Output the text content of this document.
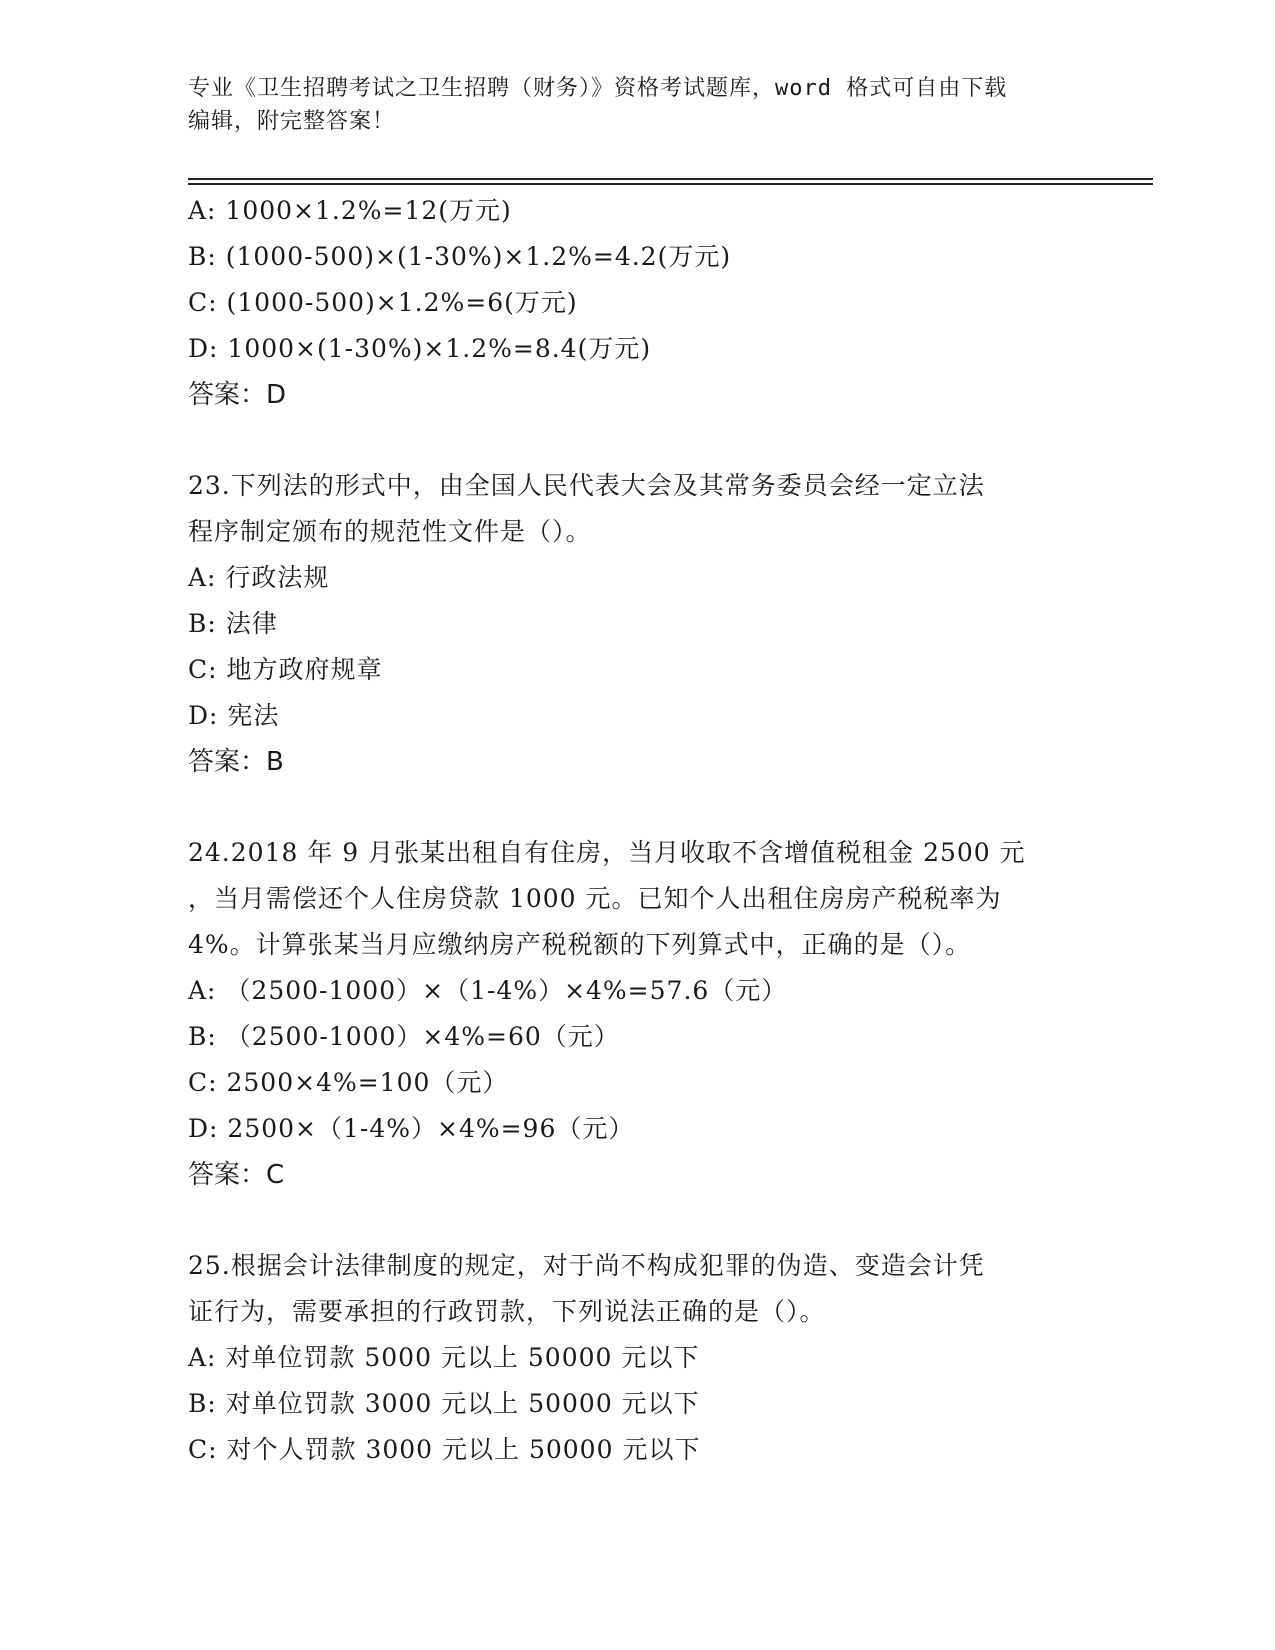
专业《卫生招聘考试之卫生招聘（财务）》资格考试题库，word 格式可自由下载
编辑，附完整答案！
A: 1000×1.2%=12(万元)
B: (1000-500)×(1-30%)×1.2%=4.2(万元)
C: (1000-500)×1.2%=6(万元)
D: 1000×(1-30%)×1.2%=8.4(万元)
答案：D
23.下列法的形式中，由全国人民代表大会及其常务委员会经一定立法
程序制定颁布的规范性文件是（）。
A: 行政法规
B: 法律
C: 地方政府规章
D: 宪法
答案：B
24.2018 年 9 月张某出租自有住房，当月收取不含增值税租金 2500 元
，当月需偿还个人住房贷款 1000 元。已知个人出租住房房产税税率为
4%。计算张某当月应缴纳房产税税额的下列算式中，正确的是（）。
A: （2500-1000）×（1-4%）×4%=57.6（元）
B: （2500-1000）×4%=60（元）
C: 2500×4%=100（元）
D: 2500×（1-4%）×4%=96（元）
答案：C
25.根据会计法律制度的规定，对于尚不构成犯罪的伪造、变造会计凭
证行为，需要承担的行政罚款，下列说法正确的是（）。
A: 对单位罚款 5000 元以上 50000 元以下
B: 对单位罚款 3000 元以上 50000 元以下
C: 对个人罚款 3000 元以上 50000 元以下
